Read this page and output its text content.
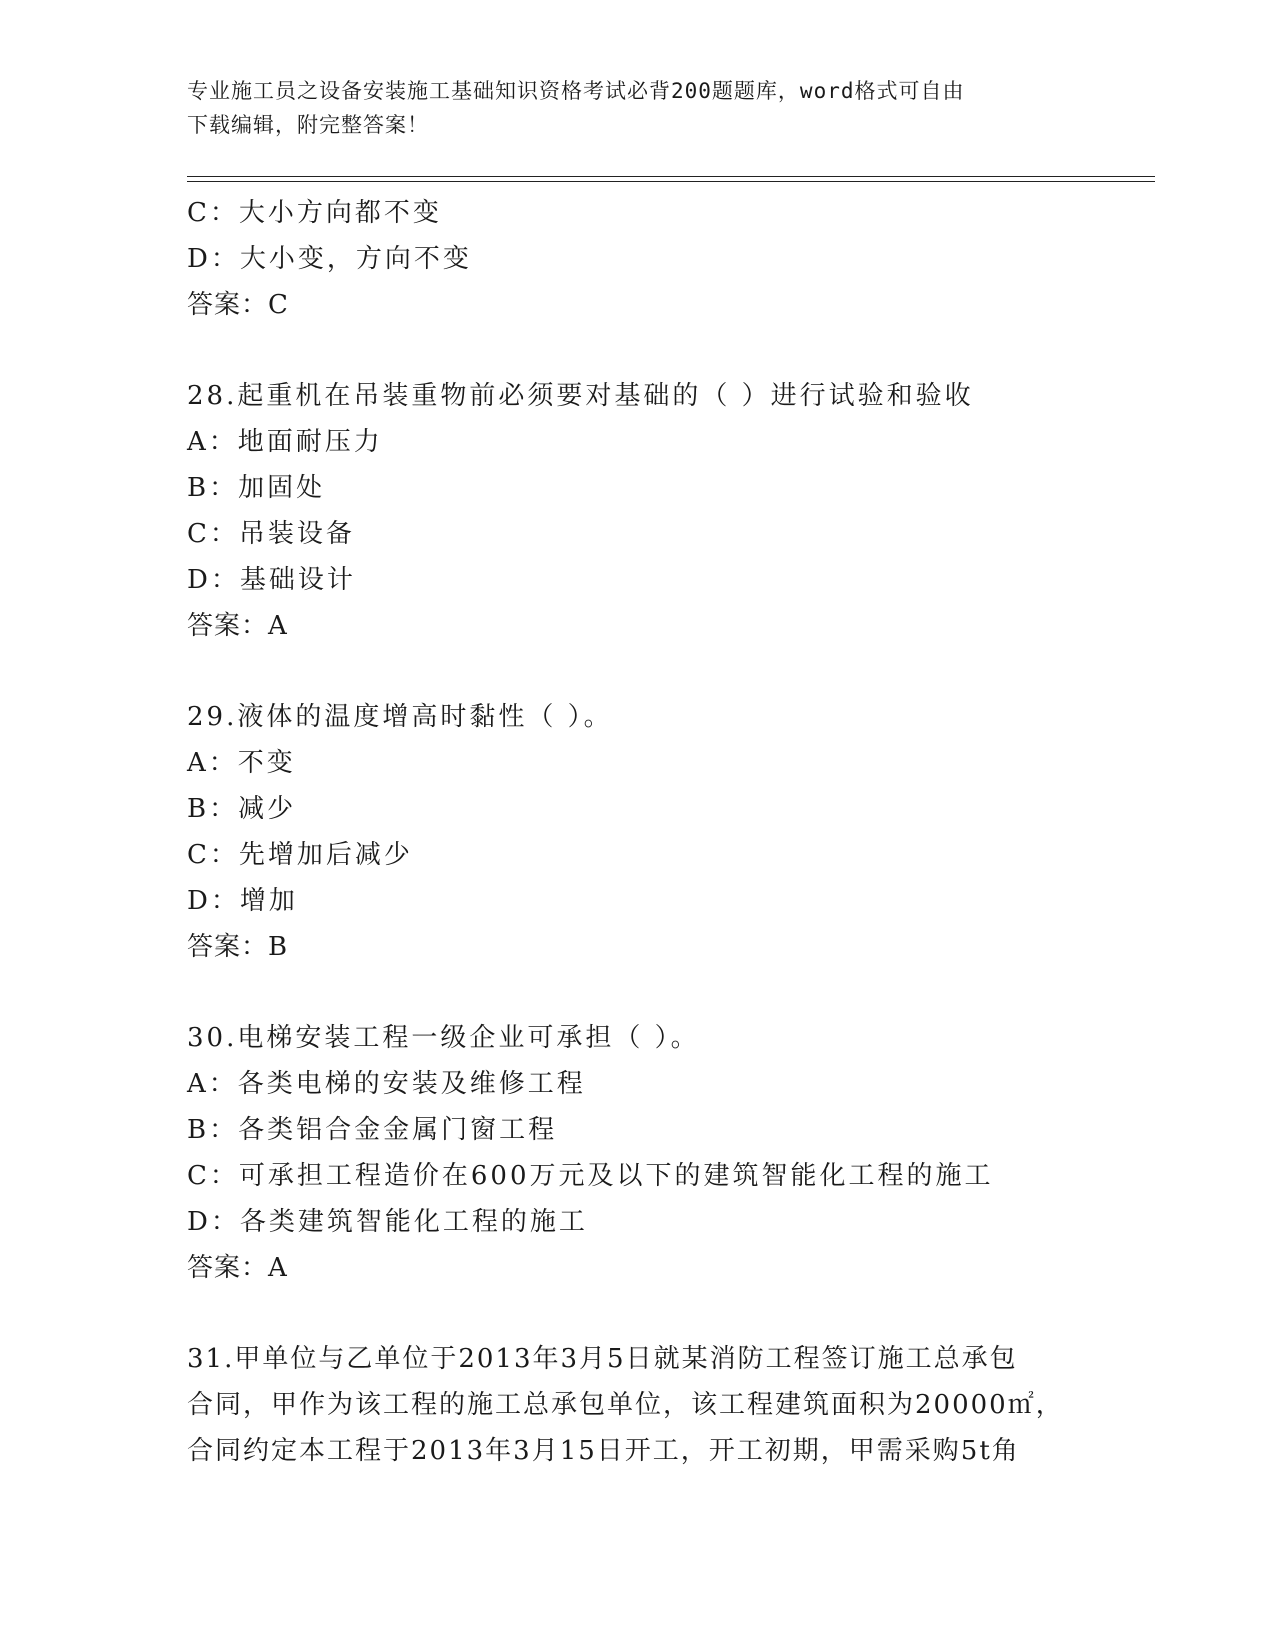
专业施工员之设备安装施工基础知识资格考试必背200题题库，word格式可自由
下载编辑，附完整答案！
C：大小方向都不变
D：大小变，方向不变
答案：C
28.起重机在吊装重物前必须要对基础的（ ）进行试验和验收
A：地面耐压力
B：加固处
C：吊装设备
D：基础设计
答案：A
29.液体的温度增高时黏性（ ）。
A：不变
B：减少
C：先增加后减少
D：增加
答案：B
30.电梯安装工程一级企业可承担（ ）。
A：各类电梯的安装及维修工程
B：各类铝合金金属门窗工程
C：可承担工程造价在600万元及以下的建筑智能化工程的施工
D：各类建筑智能化工程的施工
答案：A
31.甲单位与乙单位于2013年3月5日就某消防工程签订施工总承包
合同，甲作为该工程的施工总承包单位，该工程建筑面积为20000㎡，
合同约定本工程于2013年3月15日开工，开工初期，甲需采购5t角
